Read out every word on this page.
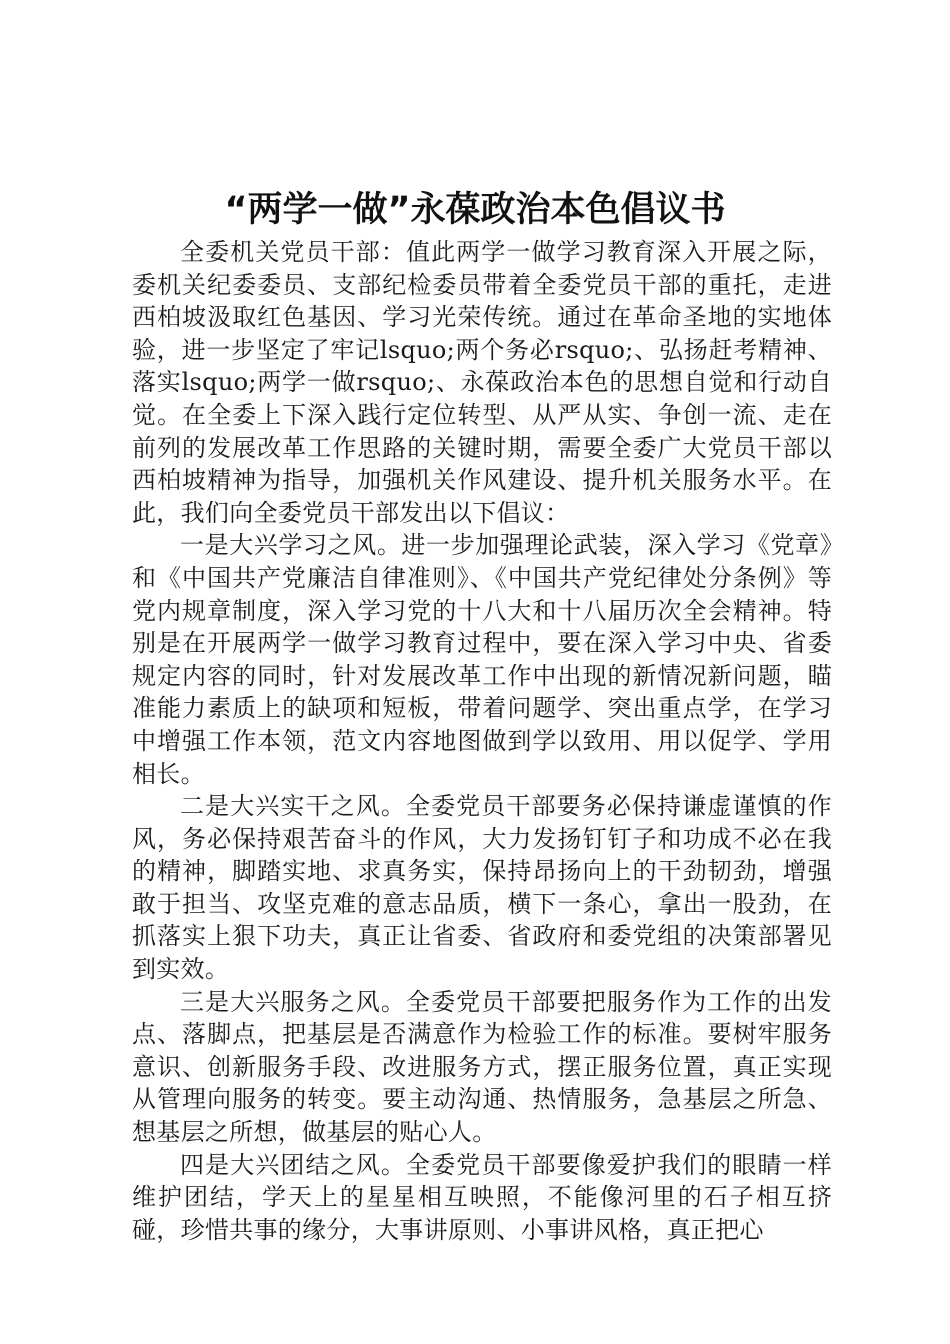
“两学一做”永葆政治本色倡议书

全委机关党员干部：值此两学一做学习教育深入开展之际，委机关纪委委员、支部纪检委员带着全委党员干部的重托，走进西柏坡汲取红色基因、学习光荣传统。通过在革命圣地的实地体验，进一步坚定了牢记lsquo;两个务必rsquo;、弘扬赶考精神、落实lsquo;两学一做rsquo;、永葆政治本色的思想自觉和行动自觉。在全委上下深入践行定位转型、从严从实、争创一流、走在前列的发展改革工作思路的关键时期，需要全委广大党员干部以西柏坡精神为指导，加强机关作风建设、提升机关服务水平。在此，我们向全委党员干部发出以下倡议：

一是大兴学习之风。进一步加强理论武装，深入学习《党章》和《中国共产党廉洁自律准则》、《中国共产党纪律处分条例》等党内规章制度，深入学习党的十八大和十八届历次全会精神。特别是在开展两学一做学习教育过程中，要在深入学习中央、省委规定内容的同时，针对发展改革工作中出现的新情况新问题，瞄准能力素质上的缺项和短板，带着问题学、突出重点学，在学习中增强工作本领，范文内容地图做到学以致用、用以促学、学用相长。

二是大兴实干之风。全委党员干部要务必保持谦虚谨慎的作风，务必保持艰苦奋斗的作风，大力发扬钉钉子和功成不必在我的精神，脚踏实地、求真务实，保持昂扬向上的干劲韧劲，增强敢于担当、攻坚克难的意志品质，横下一条心，拿出一股劲，在抓落实上狠下功夫，真正让省委、省政府和委党组的决策部署见到实效。

三是大兴服务之风。全委党员干部要把服务作为工作的出发点、落脚点，把基层是否满意作为检验工作的标准。要树牢服务意识、创新服务手段、改进服务方式，摆正服务位置，真正实现从管理向服务的转变。要主动沟通、热情服务，急基层之所急、想基层之所想，做基层的贴心人。

四是大兴团结之风。全委党员干部要像爱护我们的眼睛一样维护团结，学天上的星星相互映照，不能像河里的石子相互挤碰，珍惜共事的缘分，大事讲原则、小事讲风格，真正把心
